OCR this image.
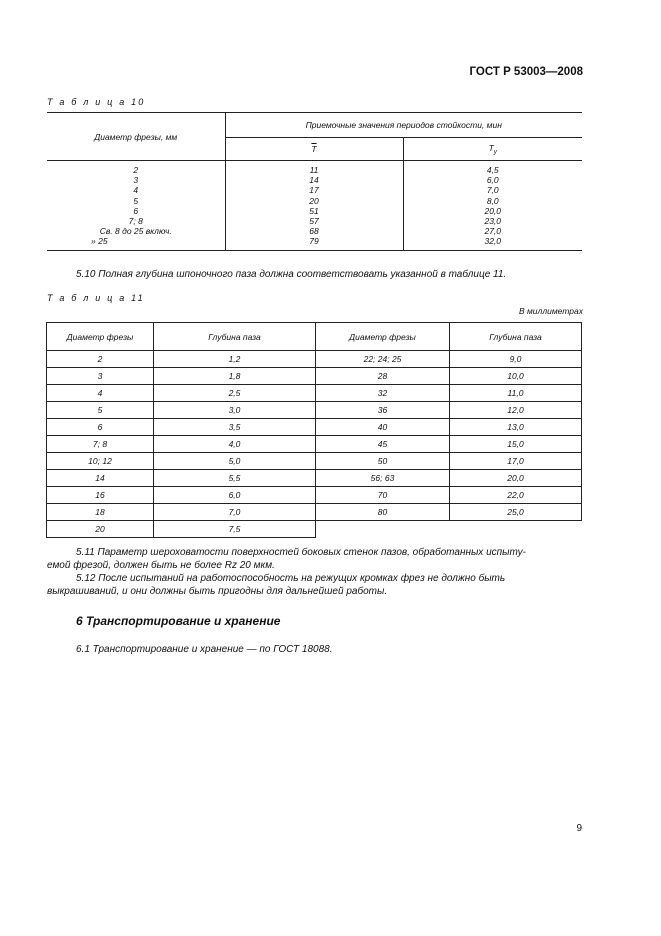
ГОСТ Р 53003—2008
Т а б л и ц а 10
Диаметр фрезы, мм	Приемочные значения периодов стойкости, мин	
	$\overline{T}$	$T_у$
2	11	4,5
3	14	6,0
4	17	7,0
5	20	8,0
6	51	20,0
7; 8	57	23,0
Св. 8 до 25 включ.	68	27,0
» 25	79	32,0
5.10 Полная глубина шпоночного паза должна соответствовать указанной в таблице 11.
Т а б л и ц а 11
В миллиметрах
Диаметр фрезы	Глубина паза	Диаметр фрезы	Глубина паза
2	1,2	22; 24; 25	9,0
3	1,8	28	10,0
4	2,5	32	11,0
5	3,0	36	12,0
6	3,5	40	13,0
7; 8	4,0	45	15,0
10; 12	5,0	50	17,0
14	5,5	56; 63	20,0
16	6,0	70	22,0
18	7,0	80	25,0
20	7,5		
5.11 Параметр шероховатости поверхностей боковых стенок пазов, обработанных испыту-
емой фрезой, должен быть не более Rz 20 мкм.
5.12 После испытаний на работоспособность на режущих кромках фрез не должно быть
выкрашиваний, и они должны быть пригодны для дальнейшей работы.
6 Транспортирование и хранение
6.1 Транспортирование и хранение — по ГОСТ 18088.
9
